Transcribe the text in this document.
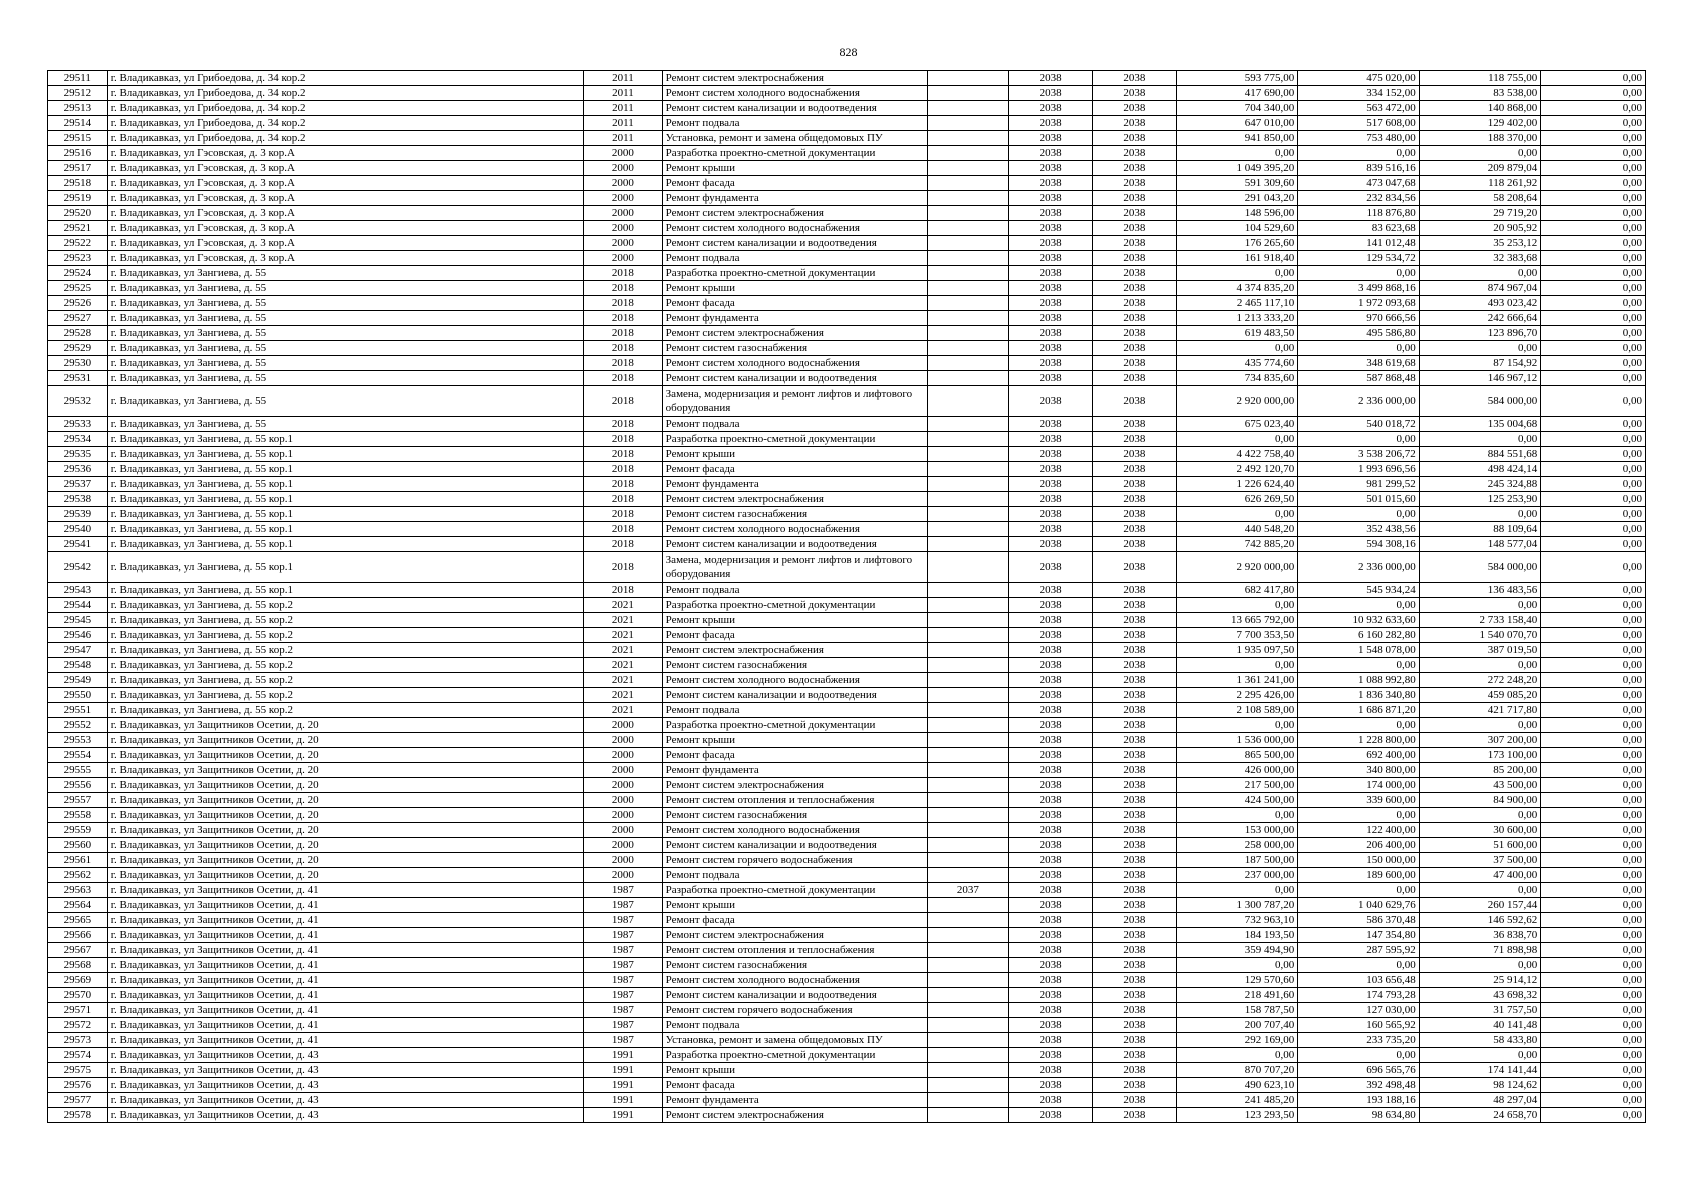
828
29511	г. Владикавказ, ул Грибоедова, д. 34 кор.2	2011	Ремонт систем электроснабжения		2038	2038	593 775,00	475 020,00	118 755,00	0,00
29512	г. Владикавказ, ул Грибоедова, д. 34 кор.2	2011	Ремонт систем холодного водоснабжения		2038	2038	417 690,00	334 152,00	83 538,00	0,00
29513	г. Владикавказ, ул Грибоедова, д. 34 кор.2	2011	Ремонт систем канализации и водоотведения		2038	2038	704 340,00	563 472,00	140 868,00	0,00
29514	г. Владикавказ, ул Грибоедова, д. 34 кор.2	2011	Ремонт подвала		2038	2038	647 010,00	517 608,00	129 402,00	0,00
29515	г. Владикавказ, ул Грибоедова, д. 34 кор.2	2011	Установка, ремонт и замена общедомовых ПУ		2038	2038	941 850,00	753 480,00	188 370,00	0,00
29516	г. Владикавказ, ул Гэсовская, д. 3 кор.А	2000	Разработка проектно-сметной документации		2038	2038	0,00	0,00	0,00	0,00
29517	г. Владикавказ, ул Гэсовская, д. 3 кор.А	2000	Ремонт крыши		2038	2038	1 049 395,20	839 516,16	209 879,04	0,00
29518	г. Владикавказ, ул Гэсовская, д. 3 кор.А	2000	Ремонт фасада		2038	2038	591 309,60	473 047,68	118 261,92	0,00
29519	г. Владикавказ, ул Гэсовская, д. 3 кор.А	2000	Ремонт фундамента		2038	2038	291 043,20	232 834,56	58 208,64	0,00
29520	г. Владикавказ, ул Гэсовская, д. 3 кор.А	2000	Ремонт систем электроснабжения		2038	2038	148 596,00	118 876,80	29 719,20	0,00
29521	г. Владикавказ, ул Гэсовская, д. 3 кор.А	2000	Ремонт систем холодного водоснабжения		2038	2038	104 529,60	83 623,68	20 905,92	0,00
29522	г. Владикавказ, ул Гэсовская, д. 3 кор.А	2000	Ремонт систем канализации и водоотведения		2038	2038	176 265,60	141 012,48	35 253,12	0,00
29523	г. Владикавказ, ул Гэсовская, д. 3 кор.А	2000	Ремонт подвала		2038	2038	161 918,40	129 534,72	32 383,68	0,00
29524	г. Владикавказ, ул Зангиева, д. 55	2018	Разработка проектно-сметной документации		2038	2038	0,00	0,00	0,00	0,00
29525	г. Владикавказ, ул Зангиева, д. 55	2018	Ремонт крыши		2038	2038	4 374 835,20	3 499 868,16	874 967,04	0,00
29526	г. Владикавказ, ул Зангиева, д. 55	2018	Ремонт фасада		2038	2038	2 465 117,10	1 972 093,68	493 023,42	0,00
29527	г. Владикавказ, ул Зангиева, д. 55	2018	Ремонт фундамента		2038	2038	1 213 333,20	970 666,56	242 666,64	0,00
29528	г. Владикавказ, ул Зангиева, д. 55	2018	Ремонт систем электроснабжения		2038	2038	619 483,50	495 586,80	123 896,70	0,00
29529	г. Владикавказ, ул Зангиева, д. 55	2018	Ремонт систем газоснабжения		2038	2038	0,00	0,00	0,00	0,00
29530	г. Владикавказ, ул Зангиева, д. 55	2018	Ремонт систем холодного водоснабжения		2038	2038	435 774,60	348 619,68	87 154,92	0,00
29531	г. Владикавказ, ул Зангиева, д. 55	2018	Ремонт систем канализации и водоотведения		2038	2038	734 835,60	587 868,48	146 967,12	0,00
29532	г. Владикавказ, ул Зангиева, д. 55	2018	Замена, модернизация и ремонт лифтов и лифтового оборудования		2038	2038	2 920 000,00	2 336 000,00	584 000,00	0,00
29533	г. Владикавказ, ул Зангиева, д. 55	2018	Ремонт подвала		2038	2038	675 023,40	540 018,72	135 004,68	0,00
29534	г. Владикавказ, ул Зангиева, д. 55 кор.1	2018	Разработка проектно-сметной документации		2038	2038	0,00	0,00	0,00	0,00
29535	г. Владикавказ, ул Зангиева, д. 55 кор.1	2018	Ремонт крыши		2038	2038	4 422 758,40	3 538 206,72	884 551,68	0,00
29536	г. Владикавказ, ул Зангиева, д. 55 кор.1	2018	Ремонт фасада		2038	2038	2 492 120,70	1 993 696,56	498 424,14	0,00
29537	г. Владикавказ, ул Зангиева, д. 55 кор.1	2018	Ремонт фундамента		2038	2038	1 226 624,40	981 299,52	245 324,88	0,00
29538	г. Владикавказ, ул Зангиева, д. 55 кор.1	2018	Ремонт систем электроснабжения		2038	2038	626 269,50	501 015,60	125 253,90	0,00
29539	г. Владикавказ, ул Зангиева, д. 55 кор.1	2018	Ремонт систем газоснабжения		2038	2038	0,00	0,00	0,00	0,00
29540	г. Владикавказ, ул Зангиева, д. 55 кор.1	2018	Ремонт систем холодного водоснабжения		2038	2038	440 548,20	352 438,56	88 109,64	0,00
29541	г. Владикавказ, ул Зангиева, д. 55 кор.1	2018	Ремонт систем канализации и водоотведения		2038	2038	742 885,20	594 308,16	148 577,04	0,00
29542	г. Владикавказ, ул Зангиева, д. 55 кор.1	2018	Замена, модернизация и ремонт лифтов и лифтового оборудования		2038	2038	2 920 000,00	2 336 000,00	584 000,00	0,00
29543	г. Владикавказ, ул Зангиева, д. 55 кор.1	2018	Ремонт подвала		2038	2038	682 417,80	545 934,24	136 483,56	0,00
29544	г. Владикавказ, ул Зангиева, д. 55 кор.2	2021	Разработка проектно-сметной документации		2038	2038	0,00	0,00	0,00	0,00
29545	г. Владикавказ, ул Зангиева, д. 55 кор.2	2021	Ремонт крыши		2038	2038	13 665 792,00	10 932 633,60	2 733 158,40	0,00
29546	г. Владикавказ, ул Зангиева, д. 55 кор.2	2021	Ремонт фасада		2038	2038	7 700 353,50	6 160 282,80	1 540 070,70	0,00
29547	г. Владикавказ, ул Зангиева, д. 55 кор.2	2021	Ремонт систем электроснабжения		2038	2038	1 935 097,50	1 548 078,00	387 019,50	0,00
29548	г. Владикавказ, ул Зангиева, д. 55 кор.2	2021	Ремонт систем газоснабжения		2038	2038	0,00	0,00	0,00	0,00
29549	г. Владикавказ, ул Зангиева, д. 55 кор.2	2021	Ремонт систем холодного водоснабжения		2038	2038	1 361 241,00	1 088 992,80	272 248,20	0,00
29550	г. Владикавказ, ул Зангиева, д. 55 кор.2	2021	Ремонт систем канализации и водоотведения		2038	2038	2 295 426,00	1 836 340,80	459 085,20	0,00
29551	г. Владикавказ, ул Зангиева, д. 55 кор.2	2021	Ремонт подвала		2038	2038	2 108 589,00	1 686 871,20	421 717,80	0,00
29552	г. Владикавказ, ул Защитников Осетии, д. 20	2000	Разработка проектно-сметной документации		2038	2038	0,00	0,00	0,00	0,00
29553	г. Владикавказ, ул Защитников Осетии, д. 20	2000	Ремонт крыши		2038	2038	1 536 000,00	1 228 800,00	307 200,00	0,00
29554	г. Владикавказ, ул Защитников Осетии, д. 20	2000	Ремонт фасада		2038	2038	865 500,00	692 400,00	173 100,00	0,00
29555	г. Владикавказ, ул Защитников Осетии, д. 20	2000	Ремонт фундамента		2038	2038	426 000,00	340 800,00	85 200,00	0,00
29556	г. Владикавказ, ул Защитников Осетии, д. 20	2000	Ремонт систем электроснабжения		2038	2038	217 500,00	174 000,00	43 500,00	0,00
29557	г. Владикавказ, ул Защитников Осетии, д. 20	2000	Ремонт систем отопления и теплоснабжения		2038	2038	424 500,00	339 600,00	84 900,00	0,00
29558	г. Владикавказ, ул Защитников Осетии, д. 20	2000	Ремонт систем газоснабжения		2038	2038	0,00	0,00	0,00	0,00
29559	г. Владикавказ, ул Защитников Осетии, д. 20	2000	Ремонт систем холодного водоснабжения		2038	2038	153 000,00	122 400,00	30 600,00	0,00
29560	г. Владикавказ, ул Защитников Осетии, д. 20	2000	Ремонт систем канализации и водоотведения		2038	2038	258 000,00	206 400,00	51 600,00	0,00
29561	г. Владикавказ, ул Защитников Осетии, д. 20	2000	Ремонт систем горячего водоснабжения		2038	2038	187 500,00	150 000,00	37 500,00	0,00
29562	г. Владикавказ, ул Защитников Осетии, д. 20	2000	Ремонт подвала		2038	2038	237 000,00	189 600,00	47 400,00	0,00
29563	г. Владикавказ, ул Защитников Осетии, д. 41	1987	Разработка проектно-сметной документации	2037	2038	2038	0,00	0,00	0,00	0,00
29564	г. Владикавказ, ул Защитников Осетии, д. 41	1987	Ремонт крыши		2038	2038	1 300 787,20	1 040 629,76	260 157,44	0,00
29565	г. Владикавказ, ул Защитников Осетии, д. 41	1987	Ремонт фасада		2038	2038	732 963,10	586 370,48	146 592,62	0,00
29566	г. Владикавказ, ул Защитников Осетии, д. 41	1987	Ремонт систем электроснабжения		2038	2038	184 193,50	147 354,80	36 838,70	0,00
29567	г. Владикавказ, ул Защитников Осетии, д. 41	1987	Ремонт систем отопления и теплоснабжения		2038	2038	359 494,90	287 595,92	71 898,98	0,00
29568	г. Владикавказ, ул Защитников Осетии, д. 41	1987	Ремонт систем газоснабжения		2038	2038	0,00	0,00	0,00	0,00
29569	г. Владикавказ, ул Защитников Осетии, д. 41	1987	Ремонт систем холодного водоснабжения		2038	2038	129 570,60	103 656,48	25 914,12	0,00
29570	г. Владикавказ, ул Защитников Осетии, д. 41	1987	Ремонт систем канализации и водоотведения		2038	2038	218 491,60	174 793,28	43 698,32	0,00
29571	г. Владикавказ, ул Защитников Осетии, д. 41	1987	Ремонт систем горячего водоснабжения		2038	2038	158 787,50	127 030,00	31 757,50	0,00
29572	г. Владикавказ, ул Защитников Осетии, д. 41	1987	Ремонт подвала		2038	2038	200 707,40	160 565,92	40 141,48	0,00
29573	г. Владикавказ, ул Защитников Осетии, д. 41	1987	Установка, ремонт и замена общедомовых ПУ		2038	2038	292 169,00	233 735,20	58 433,80	0,00
29574	г. Владикавказ, ул Защитников Осетии, д. 43	1991	Разработка проектно-сметной документации		2038	2038	0,00	0,00	0,00	0,00
29575	г. Владикавказ, ул Защитников Осетии, д. 43	1991	Ремонт крыши		2038	2038	870 707,20	696 565,76	174 141,44	0,00
29576	г. Владикавказ, ул Защитников Осетии, д. 43	1991	Ремонт фасада		2038	2038	490 623,10	392 498,48	98 124,62	0,00
29577	г. Владикавказ, ул Защитников Осетии, д. 43	1991	Ремонт фундамента		2038	2038	241 485,20	193 188,16	48 297,04	0,00
29578	г. Владикавказ, ул Защитников Осетии, д. 43	1991	Ремонт систем электроснабжения		2038	2038	123 293,50	98 634,80	24 658,70	0,00
